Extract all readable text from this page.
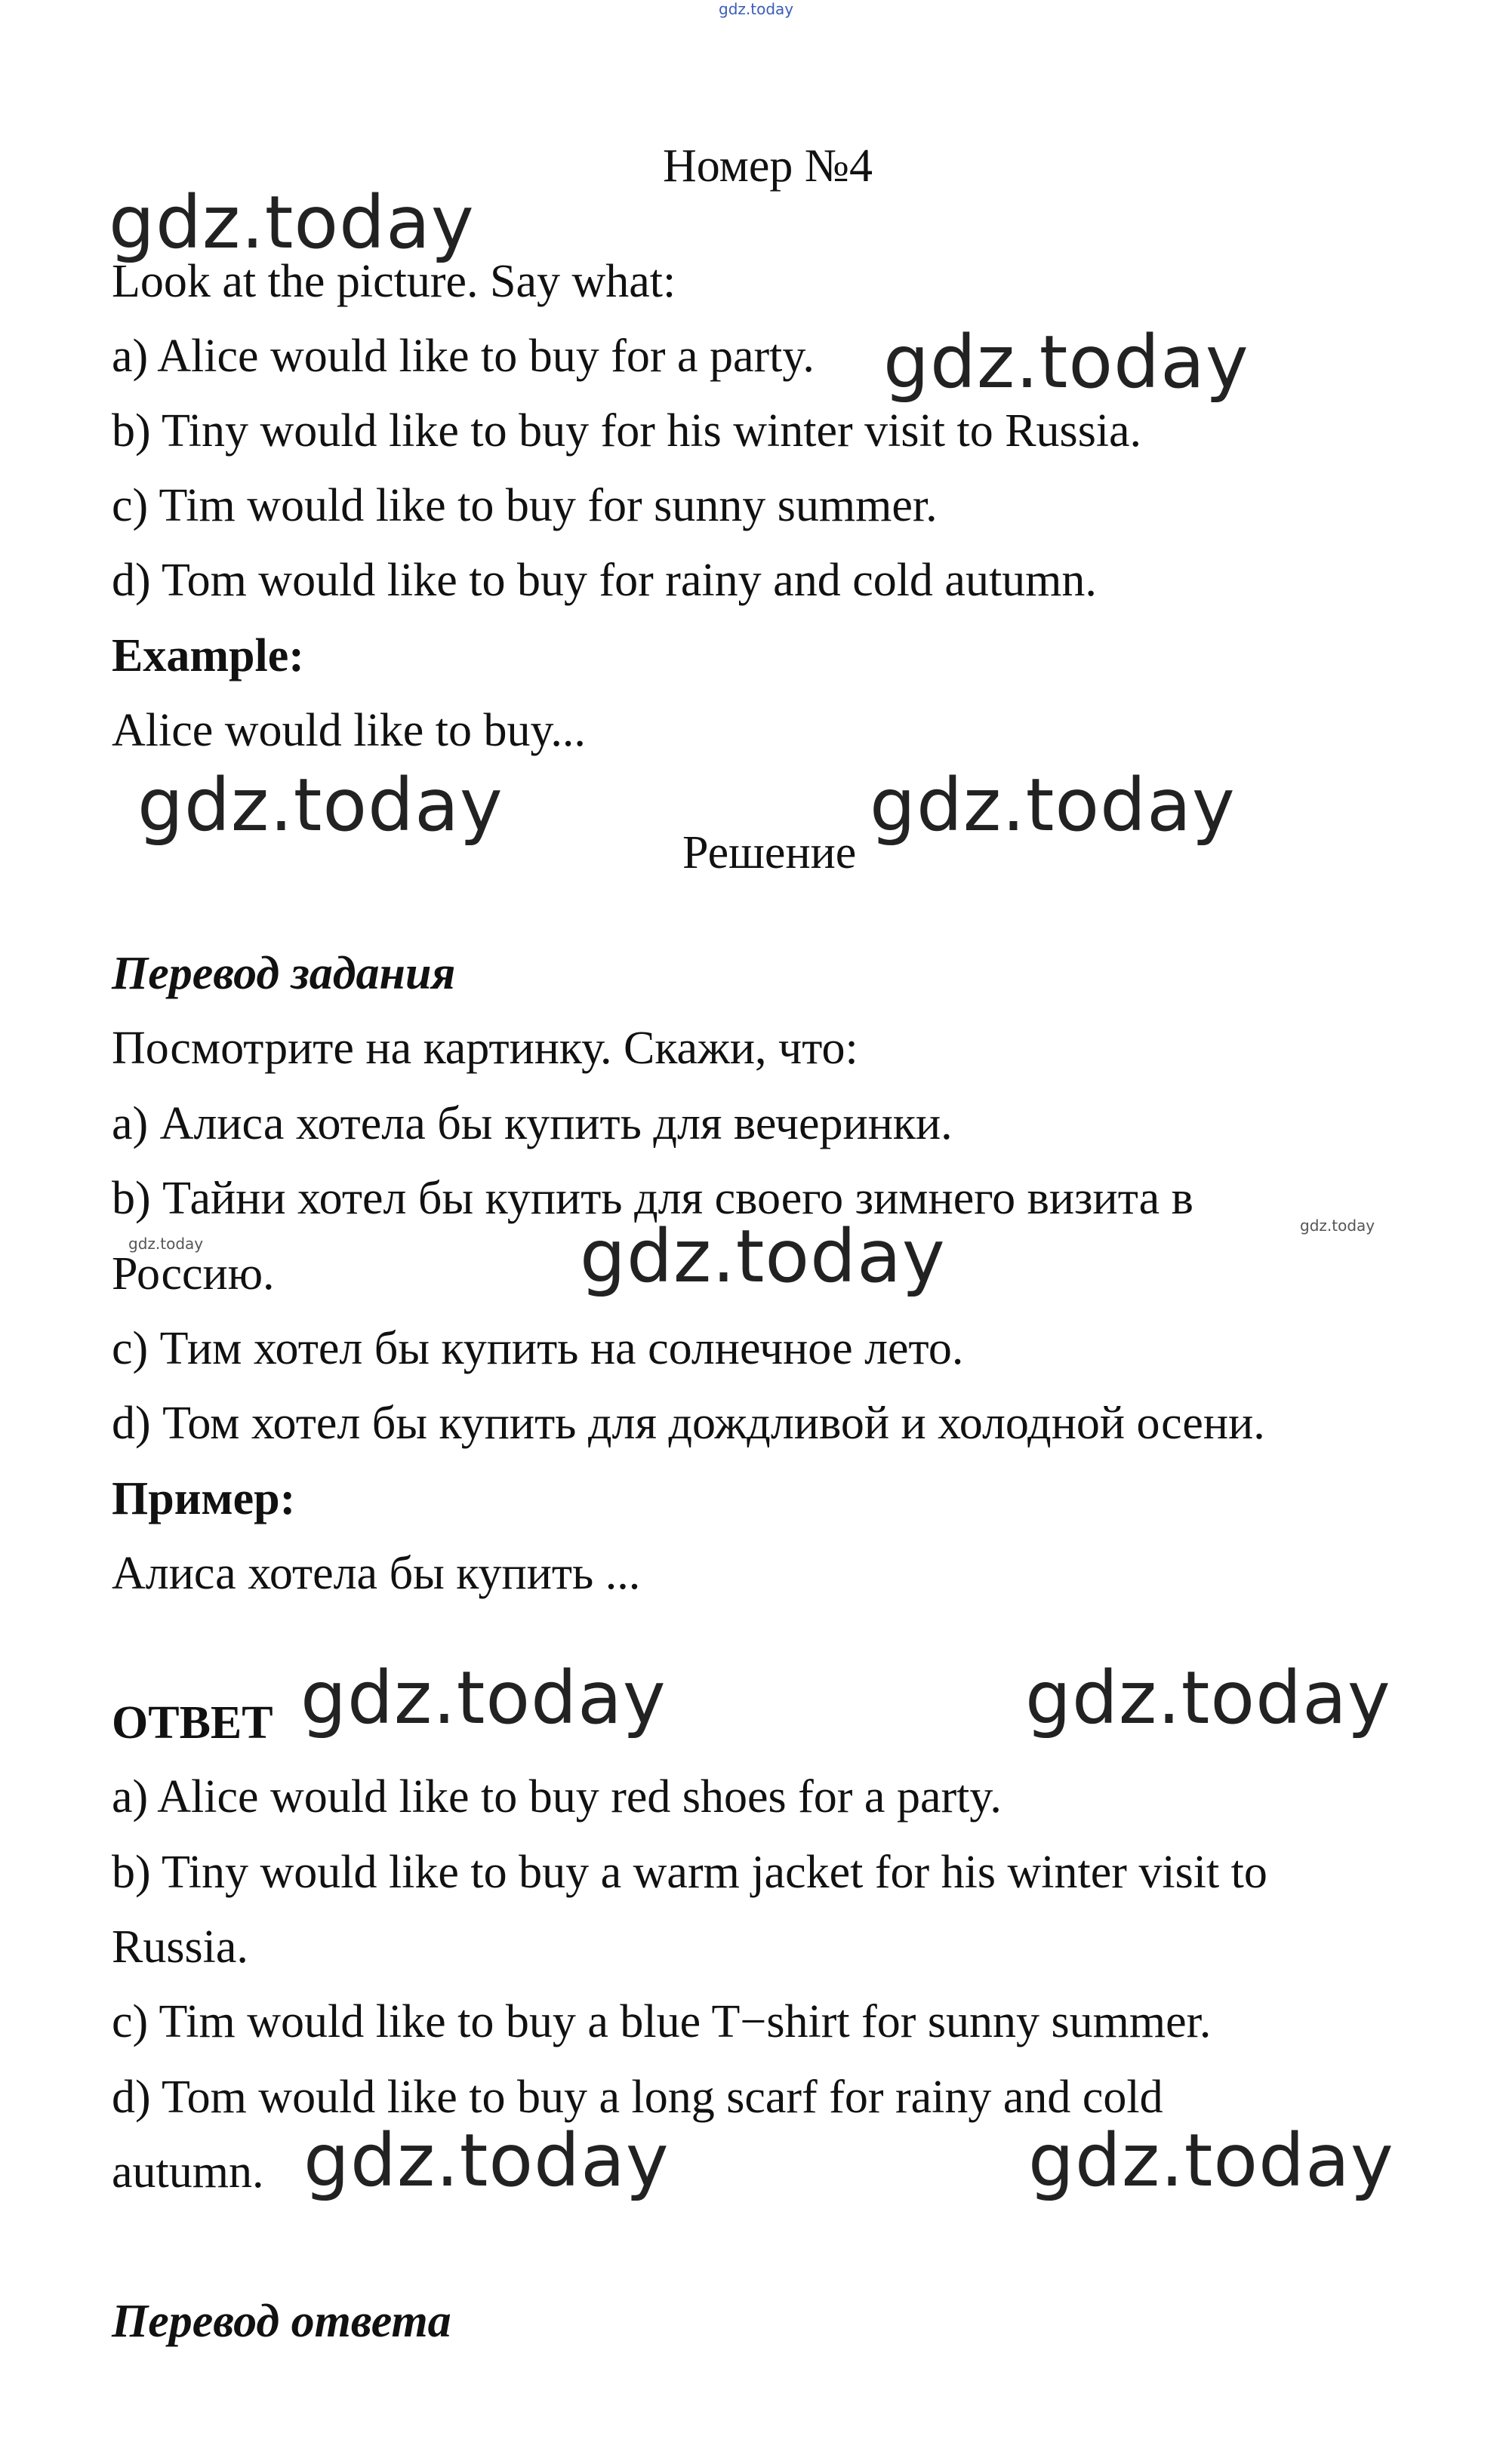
gdz.today
Номер №4
gdz.today
Look at the picture. Say what:
a) Alice would like to buy for a party. gdz.today
b) Tiny would like to buy for his winter visit to Russia.
c) Tim would like to buy for sunny summer.
d) Tom would like to buy for rainy and cold autumn.
Example:
Alice would like to buy...
gdz.today
Решение
gdz.today
Перевод задания
Посмотрите на картинку. Скажи, что:
a) Алиса хотела бы купить для вечеринки.
b) Тайни хотел бы купить для своего зимнего визита в
gdz.today
gdz.today
Россию.	gdz.today
c) Тим хотел бы купить на солнечное лето.
d) Том хотел бы купить для дождливой и холодной осени.
Пример:
Алиса хотела бы купить ...
ОТВЕТ gdz.today	gdz.today
a) Alice would like to buy red shoes for a party.
b) Tiny would like to buy a warm jacket for his winter visit to
Russia.
c) Tim would like to buy a blue T−shirt for sunny summer.
d) Tom would like to buy a long scarf for rainy and cold
autumn. gdz.today	gdz.today
Перевод ответа
